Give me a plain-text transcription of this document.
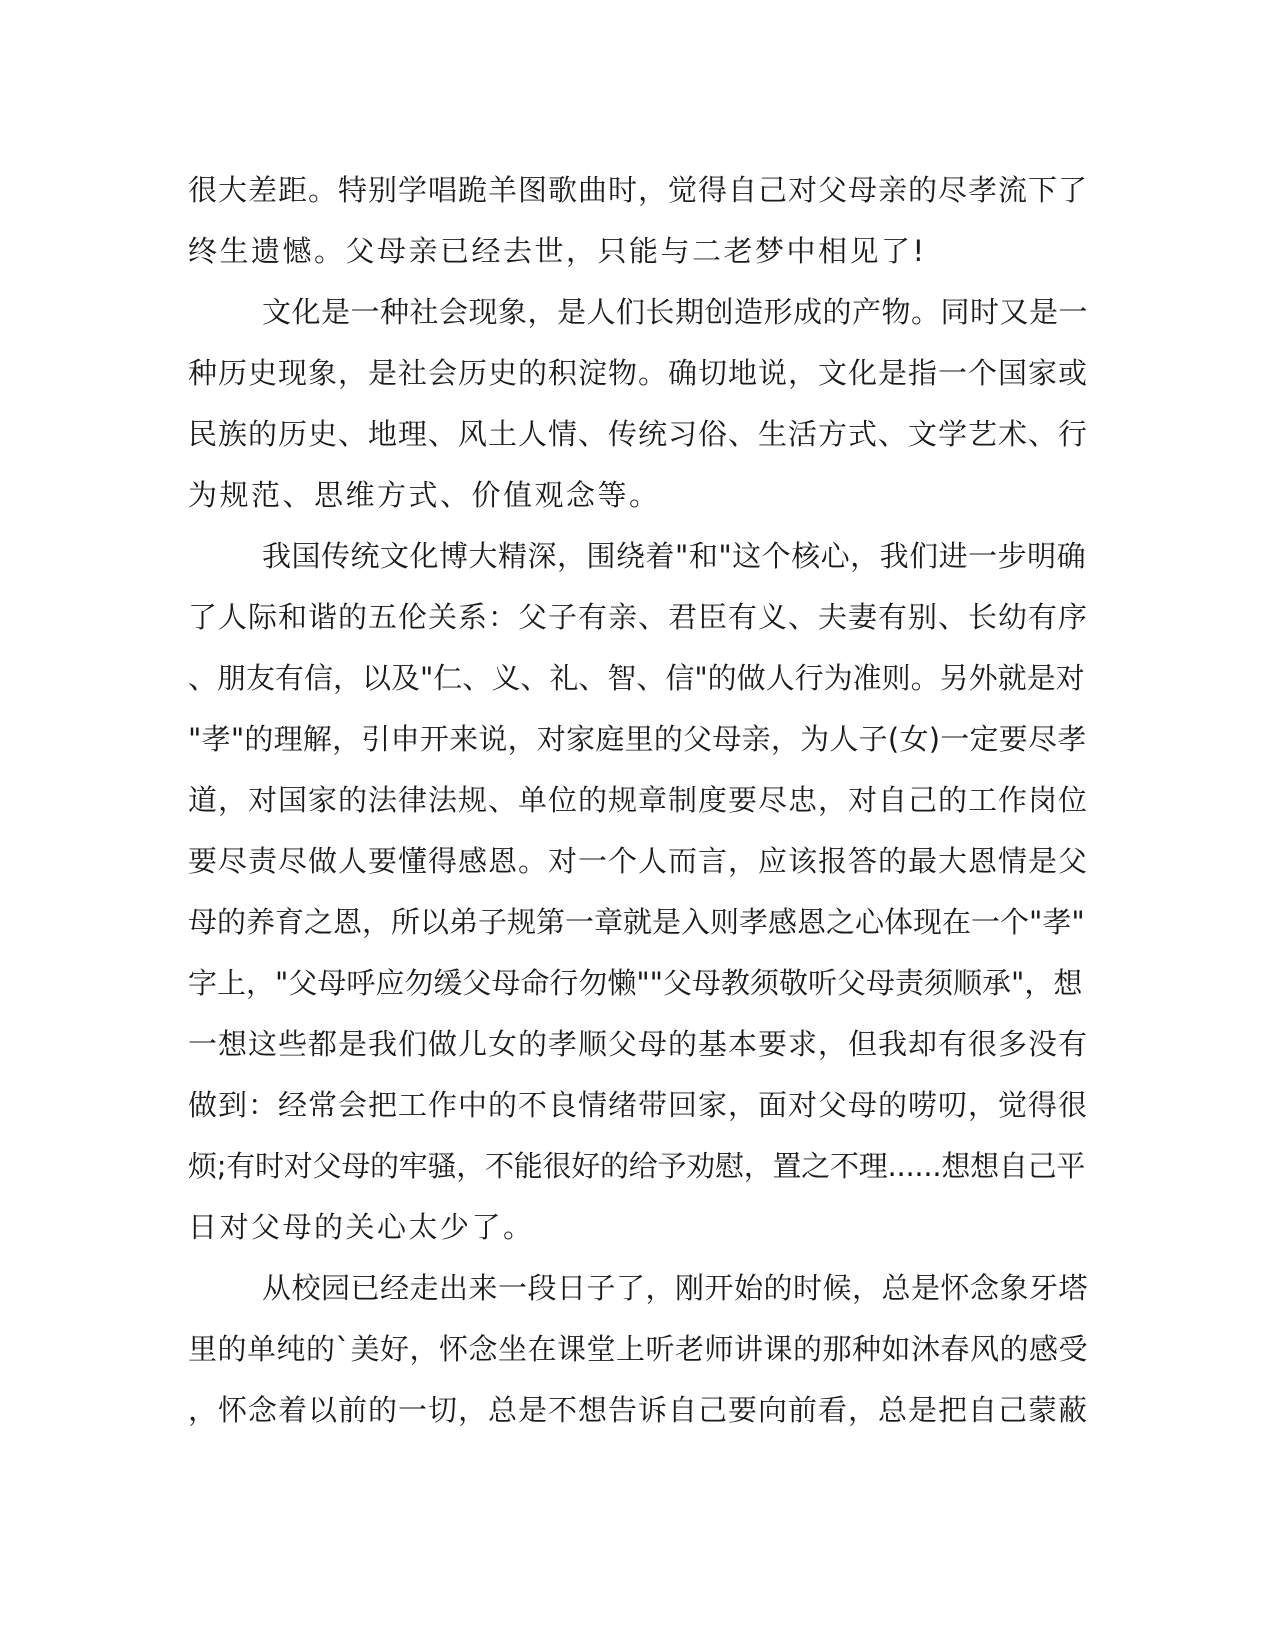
很大差距。特别学唱跪羊图歌曲时，觉得自己对父母亲的尽孝流下了
终生遗憾。父母亲已经去世，只能与二老梦中相见了!
文化是一种社会现象，是人们长期创造形成的产物。同时又是一
种历史现象，是社会历史的积淀物。确切地说，文化是指一个国家或
民族的历史、地理、风土人情、传统习俗、生活方式、文学艺术、行
为规范、思维方式、价值观念等。
我国传统文化博大精深，围绕着"和"这个核心，我们进一步明确
了人际和谐的五伦关系：父子有亲、君臣有义、夫妻有别、长幼有序
、朋友有信，以及"仁、义、礼、智、信"的做人行为准则。另外就是对
"孝"的理解，引申开来说，对家庭里的父母亲，为人子(女)一定要尽孝
道，对国家的法律法规、单位的规章制度要尽忠，对自己的工作岗位
要尽责尽做人要懂得感恩。对一个人而言，应该报答的最大恩情是父
母的养育之恩，所以弟子规第一章就是入则孝感恩之心体现在一个"孝"
字上，"父母呼应勿缓父母命行勿懒""父母教须敬听父母责须顺承"，想
一想这些都是我们做儿女的孝顺父母的基本要求，但我却有很多没有
做到：经常会把工作中的不良情绪带回家，面对父母的唠叨，觉得很
烦;有时对父母的牢骚，不能很好的给予劝慰，置之不理......想想自己平
日对父母的关心太少了。
从校园已经走出来一段日子了，刚开始的时候，总是怀念象牙塔
里的单纯的`美好，怀念坐在课堂上听老师讲课的那种如沐春风的感受
，怀念着以前的一切，总是不想告诉自己要向前看，总是把自己蒙蔽
